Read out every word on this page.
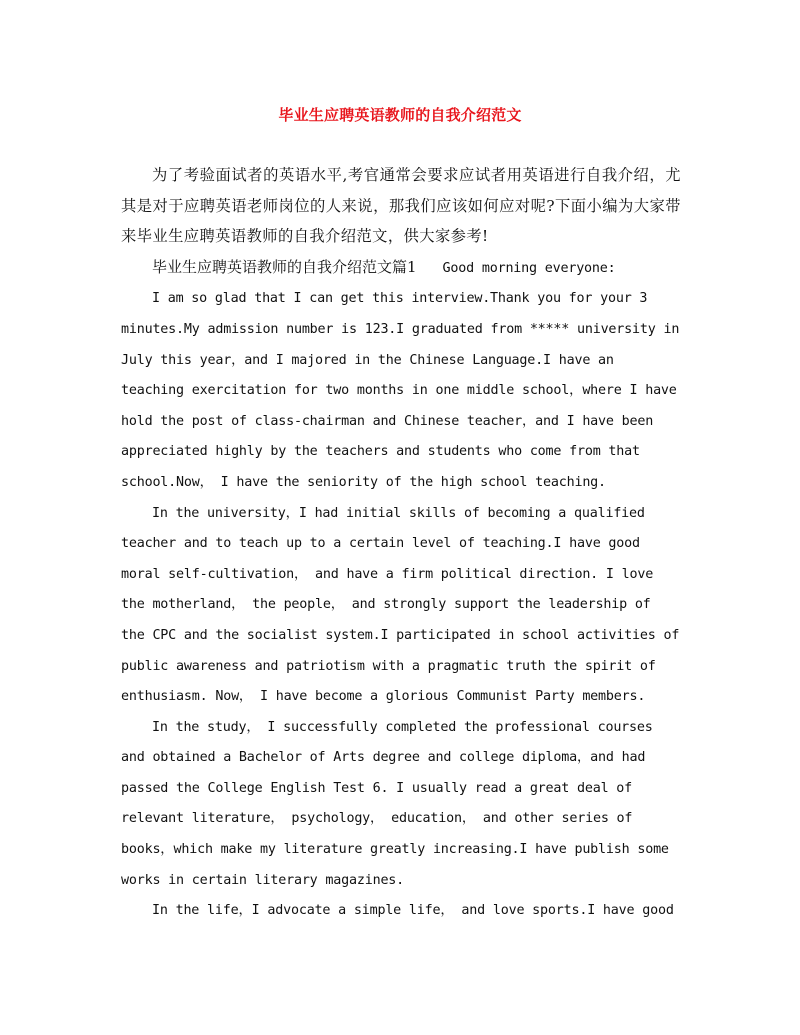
毕业生应聘英语教师的自我介绍范文

为了考验面试者的英语水平,考官通常会要求应试者用英语进行自我介绍，尤其是对于应聘英语老师岗位的人来说，那我们应该如何应对呢?下面小编为大家带来毕业生应聘英语教师的自我介绍范文，供大家参考!

毕业生应聘英语教师的自我介绍范文篇1 Good morning everyone:

I am so glad that I can get this interview.Thank you for your 3 minutes.My admission number is 123.I graduated from ***** university in July this year，and I majored in the Chinese Language.I have an teaching exercitation for two months in one middle school，where I have hold the post of class-chairman and Chinese teacher，and I have been appreciated highly by the teachers and students who come from that school.Now， I have the seniority of the high school teaching.

In the university，I had initial skills of becoming a qualified teacher and to teach up to a certain level of teaching.I have good moral self-cultivation， and have a firm political direction. I love the motherland， the people， and strongly support the leadership of the CPC and the socialist system.I participated in school activities of public awareness and patriotism with a pragmatic truth the spirit of enthusiasm. Now， I have become a glorious Communist Party members.

In the study， I successfully completed the professional courses and obtained a Bachelor of Arts degree and college diploma，and had passed the College English Test 6. I usually read a great deal of relevant literature， psychology， education， and other series of books，which make my literature greatly increasing.I have publish some works in certain literary magazines.

In the life，I advocate a simple life， and love sports.I have good
